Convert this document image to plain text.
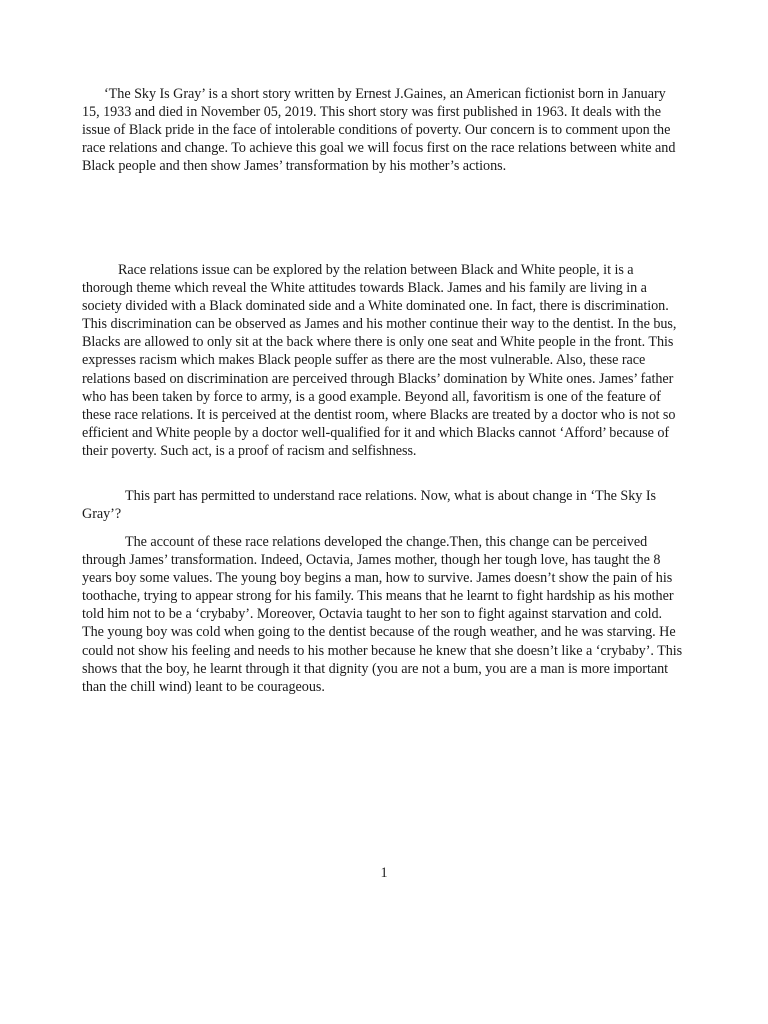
‘The Sky Is Gray’ is a short story written by Ernest J.Gaines, an American fictionist born in January 15, 1933 and died in November 05, 2019. This short story was first published in 1963. It deals with the issue of Black pride in the face of intolerable conditions of poverty. Our concern is to comment upon the race relations and change. To achieve this goal we will focus first on the race relations between white and Black people and then show James’ transformation by his mother’s actions.

Race relations issue can be explored by the relation between Black and White people, it is a thorough theme which reveal the White attitudes towards Black. James and his family are living in a society divided with a Black dominated side and a White dominated one. In fact, there is discrimination. This discrimination can be observed as James and his mother continue their way to the dentist. In the bus, Blacks are allowed to only sit at the back where there is only one seat and White people in the front. This expresses racism which makes Black people suffer as there are the most vulnerable. Also, these race relations based on discrimination are perceived through Blacks’ domination by White ones. James’ father who has been taken by force to army, is a good example. Beyond all, favoritism is one of the feature of these race relations. It is perceived at the dentist room, where Blacks are treated by a doctor who is not so efficient and White people by a doctor well-qualified for it and which Blacks cannot ‘Afford’ because of their poverty. Such act, is a proof of racism and selfishness.

This part has permitted to understand race relations. Now, what is about change in ‘The Sky Is Gray’?

The account of these race relations developed the change.Then, this change can be perceived through James’ transformation. Indeed, Octavia, James mother, though her tough love, has taught the 8 years boy some values. The young boy begins a man, how to survive. James doesn’t show the pain of his toothache, trying to appear strong for his family. This means that he learnt to fight hardship as his mother told him not to be a ‘crybaby’. Moreover, Octavia taught to her son to fight against starvation and cold. The young boy was cold when going to the dentist because of the rough weather, and he was starving. He could not show his feeling and needs to his mother because he knew that she doesn’t like a ‘crybaby’. This shows that the boy, he learnt through it that dignity (you are not a bum, you are a man is more important than the chill wind) leant to be courageous.

1
